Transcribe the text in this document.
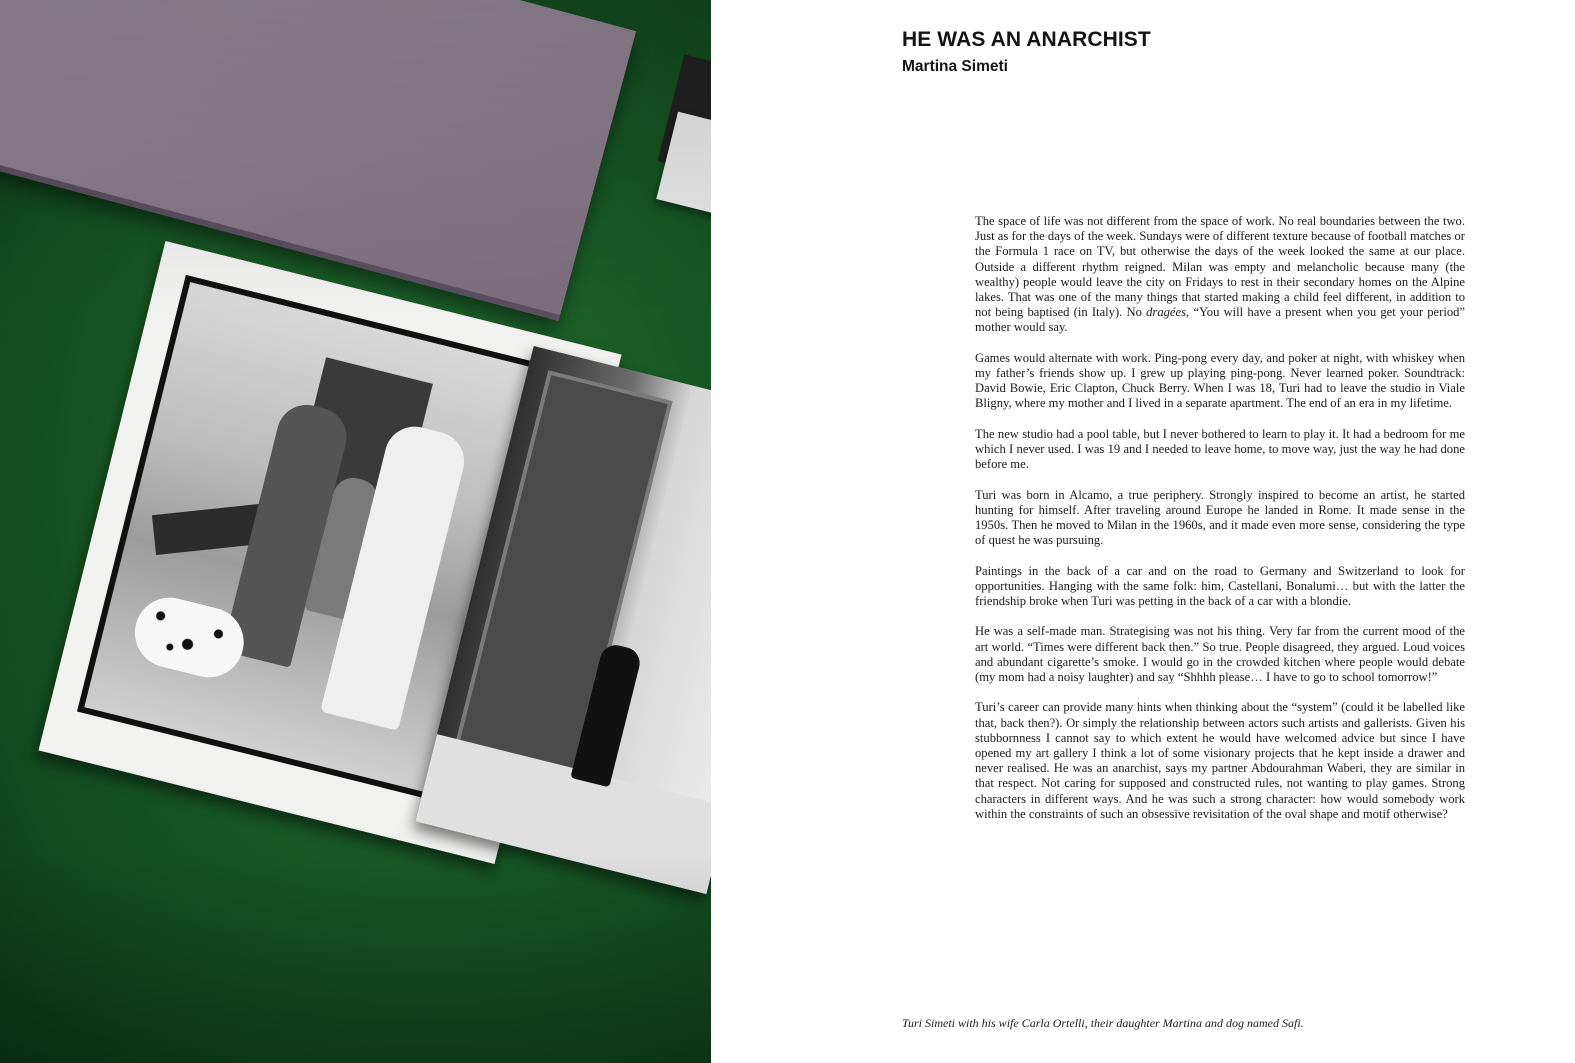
HE WAS AN ANARCHIST
Martina Simeti

The space of life was not different from the space of work. No real boundaries between the two. Just as for the days of the week. Sundays were of different texture because of football matches or the Formula 1 race on TV, but otherwise the days of the week looked the same at our place. Outside a different rhythm reigned. Milan was empty and melancholic because many (the wealthy) people would leave the city on Fridays to rest in their secondary homes on the Alpine lakes. That was one of the many things that started making a child feel different, in addition to not being baptised (in Italy). No dragées, “You will have a present when you get your period” mother would say.

Games would alternate with work. Ping-pong every day, and poker at night, with whiskey when my father’s friends show up. I grew up playing ping-pong. Never learned poker. Soundtrack: David Bowie, Eric Clapton, Chuck Berry. When I was 18, Turi had to leave the studio in Viale Bligny, where my mother and I lived in a separate apartment. The end of an era in my lifetime.

The new studio had a pool table, but I never bothered to learn to play it. It had a bedroom for me which I never used. I was 19 and I needed to leave home, to move way, just the way he had done before me.

Turi was born in Alcamo, a true periphery. Strongly inspired to become an artist, he started hunting for himself. After traveling around Europe he landed in Rome. It made sense in the 1950s. Then he moved to Milan in the 1960s, and it made even more sense, considering the type of quest he was pursuing.

Paintings in the back of a car and on the road to Germany and Switzerland to look for opportunities. Hanging with the same folk: him, Castellani, Bonalumi… but with the latter the friendship broke when Turi was petting in the back of a car with a blondie.

He was a self-made man. Strategising was not his thing. Very far from the current mood of the art world. “Times were different back then.” So true. People disagreed, they argued. Loud voices and abundant cigarette’s smoke. I would go in the crowded kitchen where people would debate (my mom had a noisy laughter) and say “Shhhh please… I have to go to school tomorrow!”

Turi’s career can provide many hints when thinking about the “system” (could it be labelled like that, back then?). Or simply the relationship between actors such artists and gallerists. Given his stubbornness I cannot say to which extent he would have welcomed advice but since I have opened my art gallery I think a lot of some visionary projects that he kept inside a drawer and never realised. He was an anarchist, says my partner Abdourahman Waberi, they are similar in that respect. Not caring for supposed and constructed rules, not wanting to play games. Strong characters in different ways. And he was such a strong character: how would somebody work within the constraints of such an obsessive revisitation of the oval shape and motif otherwise?

Turi Simeti with his wife Carla Ortelli, their daughter Martina and dog named Safi.
